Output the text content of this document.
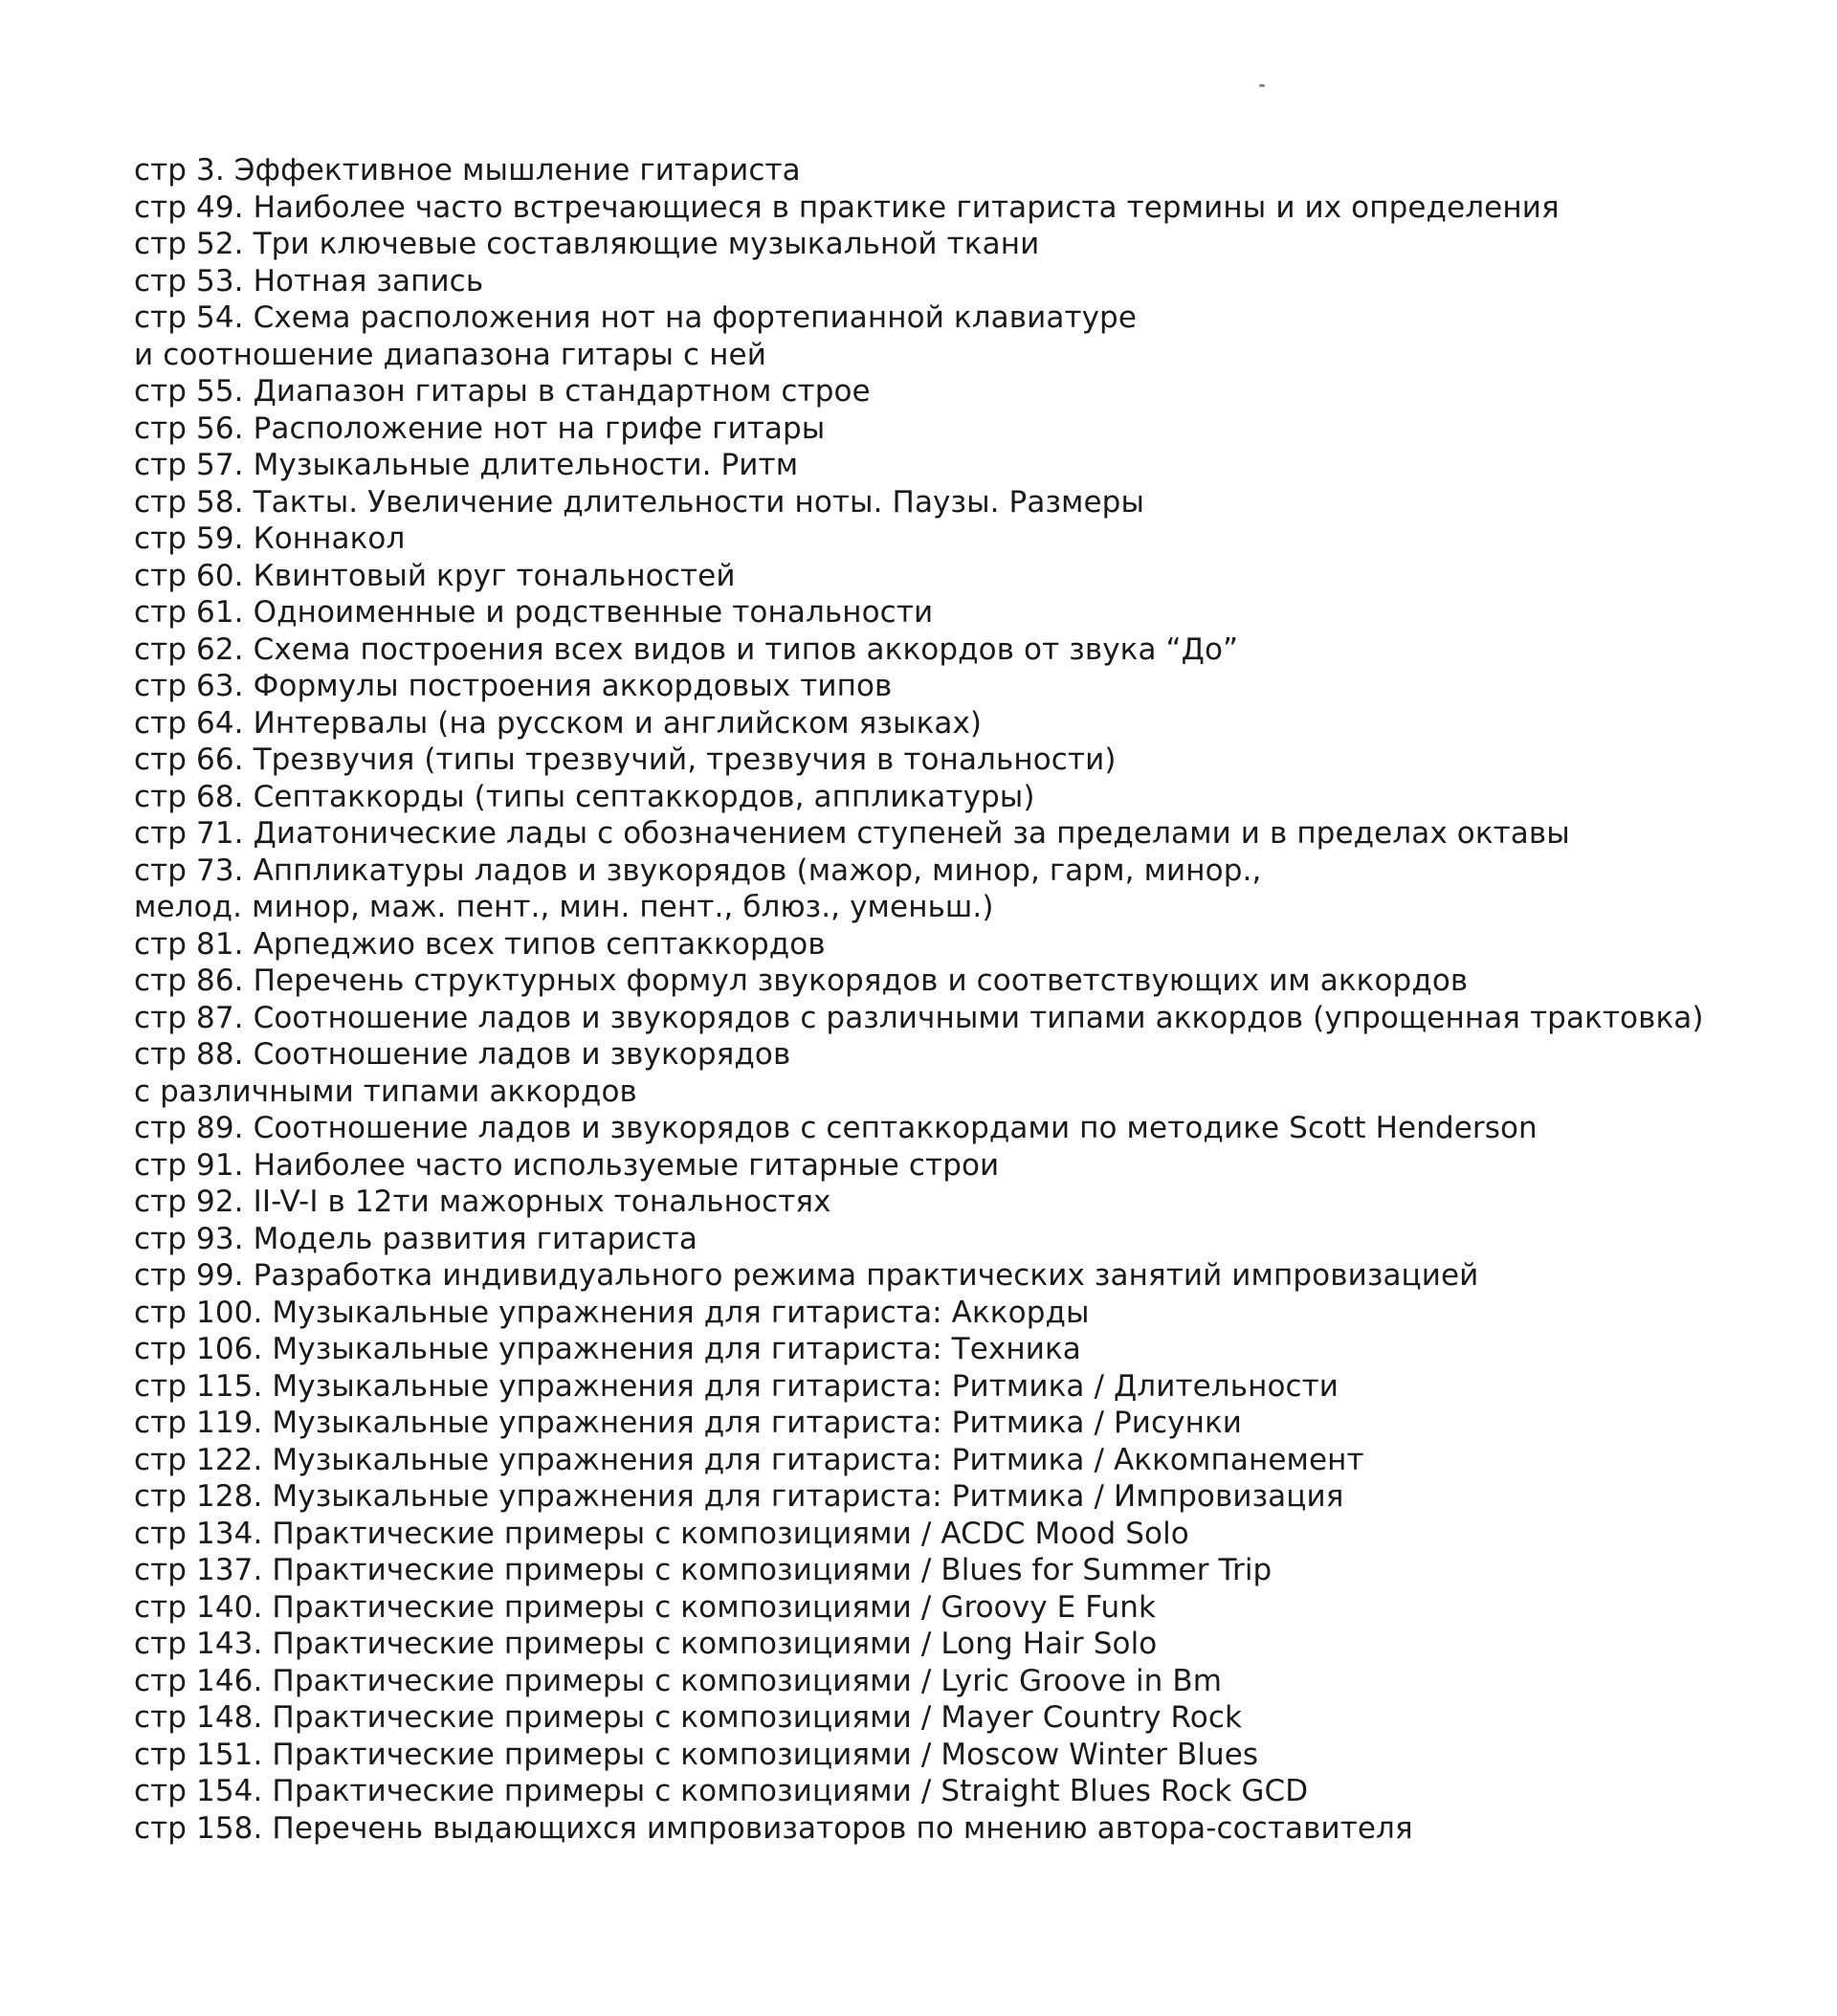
стр 3. Эффективное мышление гитариста
стр 49. Наиболее часто встречающиеся в практике гитариста термины и их определения
стр 52. Три ключевые составляющие музыкальной ткани
стр 53. Нотная запись
стр 54. Схема расположения нот на фортепианной клавиатуре
и соотношение диапазона гитары с ней
стр 55. Диапазон гитары в стандартном строе
стр 56. Расположение нот на грифе гитары
стр 57. Музыкальные длительности. Ритм
стр 58. Такты. Увеличение длительности ноты. Паузы. Размеры
стр 59. Коннакол
стр 60. Квинтовый круг тональностей
стр 61. Одноименные и родственные тональности
стр 62. Схема построения всех видов и типов аккордов от звука “До”
стр 63. Формулы построения аккордовых типов
стр 64. Интервалы (на русском и английском языках)
стр 66. Трезвучия (типы трезвучий, трезвучия в тональности)
стр 68. Септаккорды (типы септаккордов, аппликатуры)
стр 71. Диатонические лады с обозначением ступеней за пределами и в пределах октавы
стр 73. Аппликатуры ладов и звукорядов (мажор, минор, гарм, минор.,
мелод. минор, маж. пент., мин. пент., блюз., уменьш.)
стр 81. Арпеджио всех типов септаккордов
стр 86. Перечень структурных формул звукорядов и соответствующих им аккордов
стр 87. Соотношение ладов и звукорядов с различными типами аккордов (упрощенная трактовка)
стр 88. Соотношение ладов и звукорядов
с различными типами аккордов
стр 89. Соотношение ладов и звукорядов с септаккордами по методике Scott Henderson
стр 91. Наиболее часто используемые гитарные строи
стр 92. II-V-I в 12ти мажорных тональностях
стр 93. Модель развития гитариста
стр 99. Разработка индивидуального режима практических занятий импровизацией
стр 100. Музыкальные упражнения для гитариста: Аккорды
стр 106. Музыкальные упражнения для гитариста: Техника
стр 115. Музыкальные упражнения для гитариста: Ритмика / Длительности
стр 119. Музыкальные упражнения для гитариста: Ритмика / Рисунки
стр 122. Музыкальные упражнения для гитариста: Ритмика / Аккомпанемент
стр 128. Музыкальные упражнения для гитариста: Ритмика / Импровизация
стр 134. Практические примеры с композициями / ACDC Mood Solo
стр 137. Практические примеры с композициями / Blues for Summer Trip
стр 140. Практические примеры с композициями / Groovy E Funk
стр 143. Практические примеры с композициями / Long Hair Solo
стр 146. Практические примеры с композициями / Lyric Groove in Bm
стр 148. Практические примеры с композициями / Mayer Country Rock
стр 151. Практические примеры с композициями / Moscow Winter Blues
стр 154. Практические примеры с композициями / Straight Blues Rock GCD
стр 158. Перечень выдающихся импровизаторов по мнению автора-составителя
